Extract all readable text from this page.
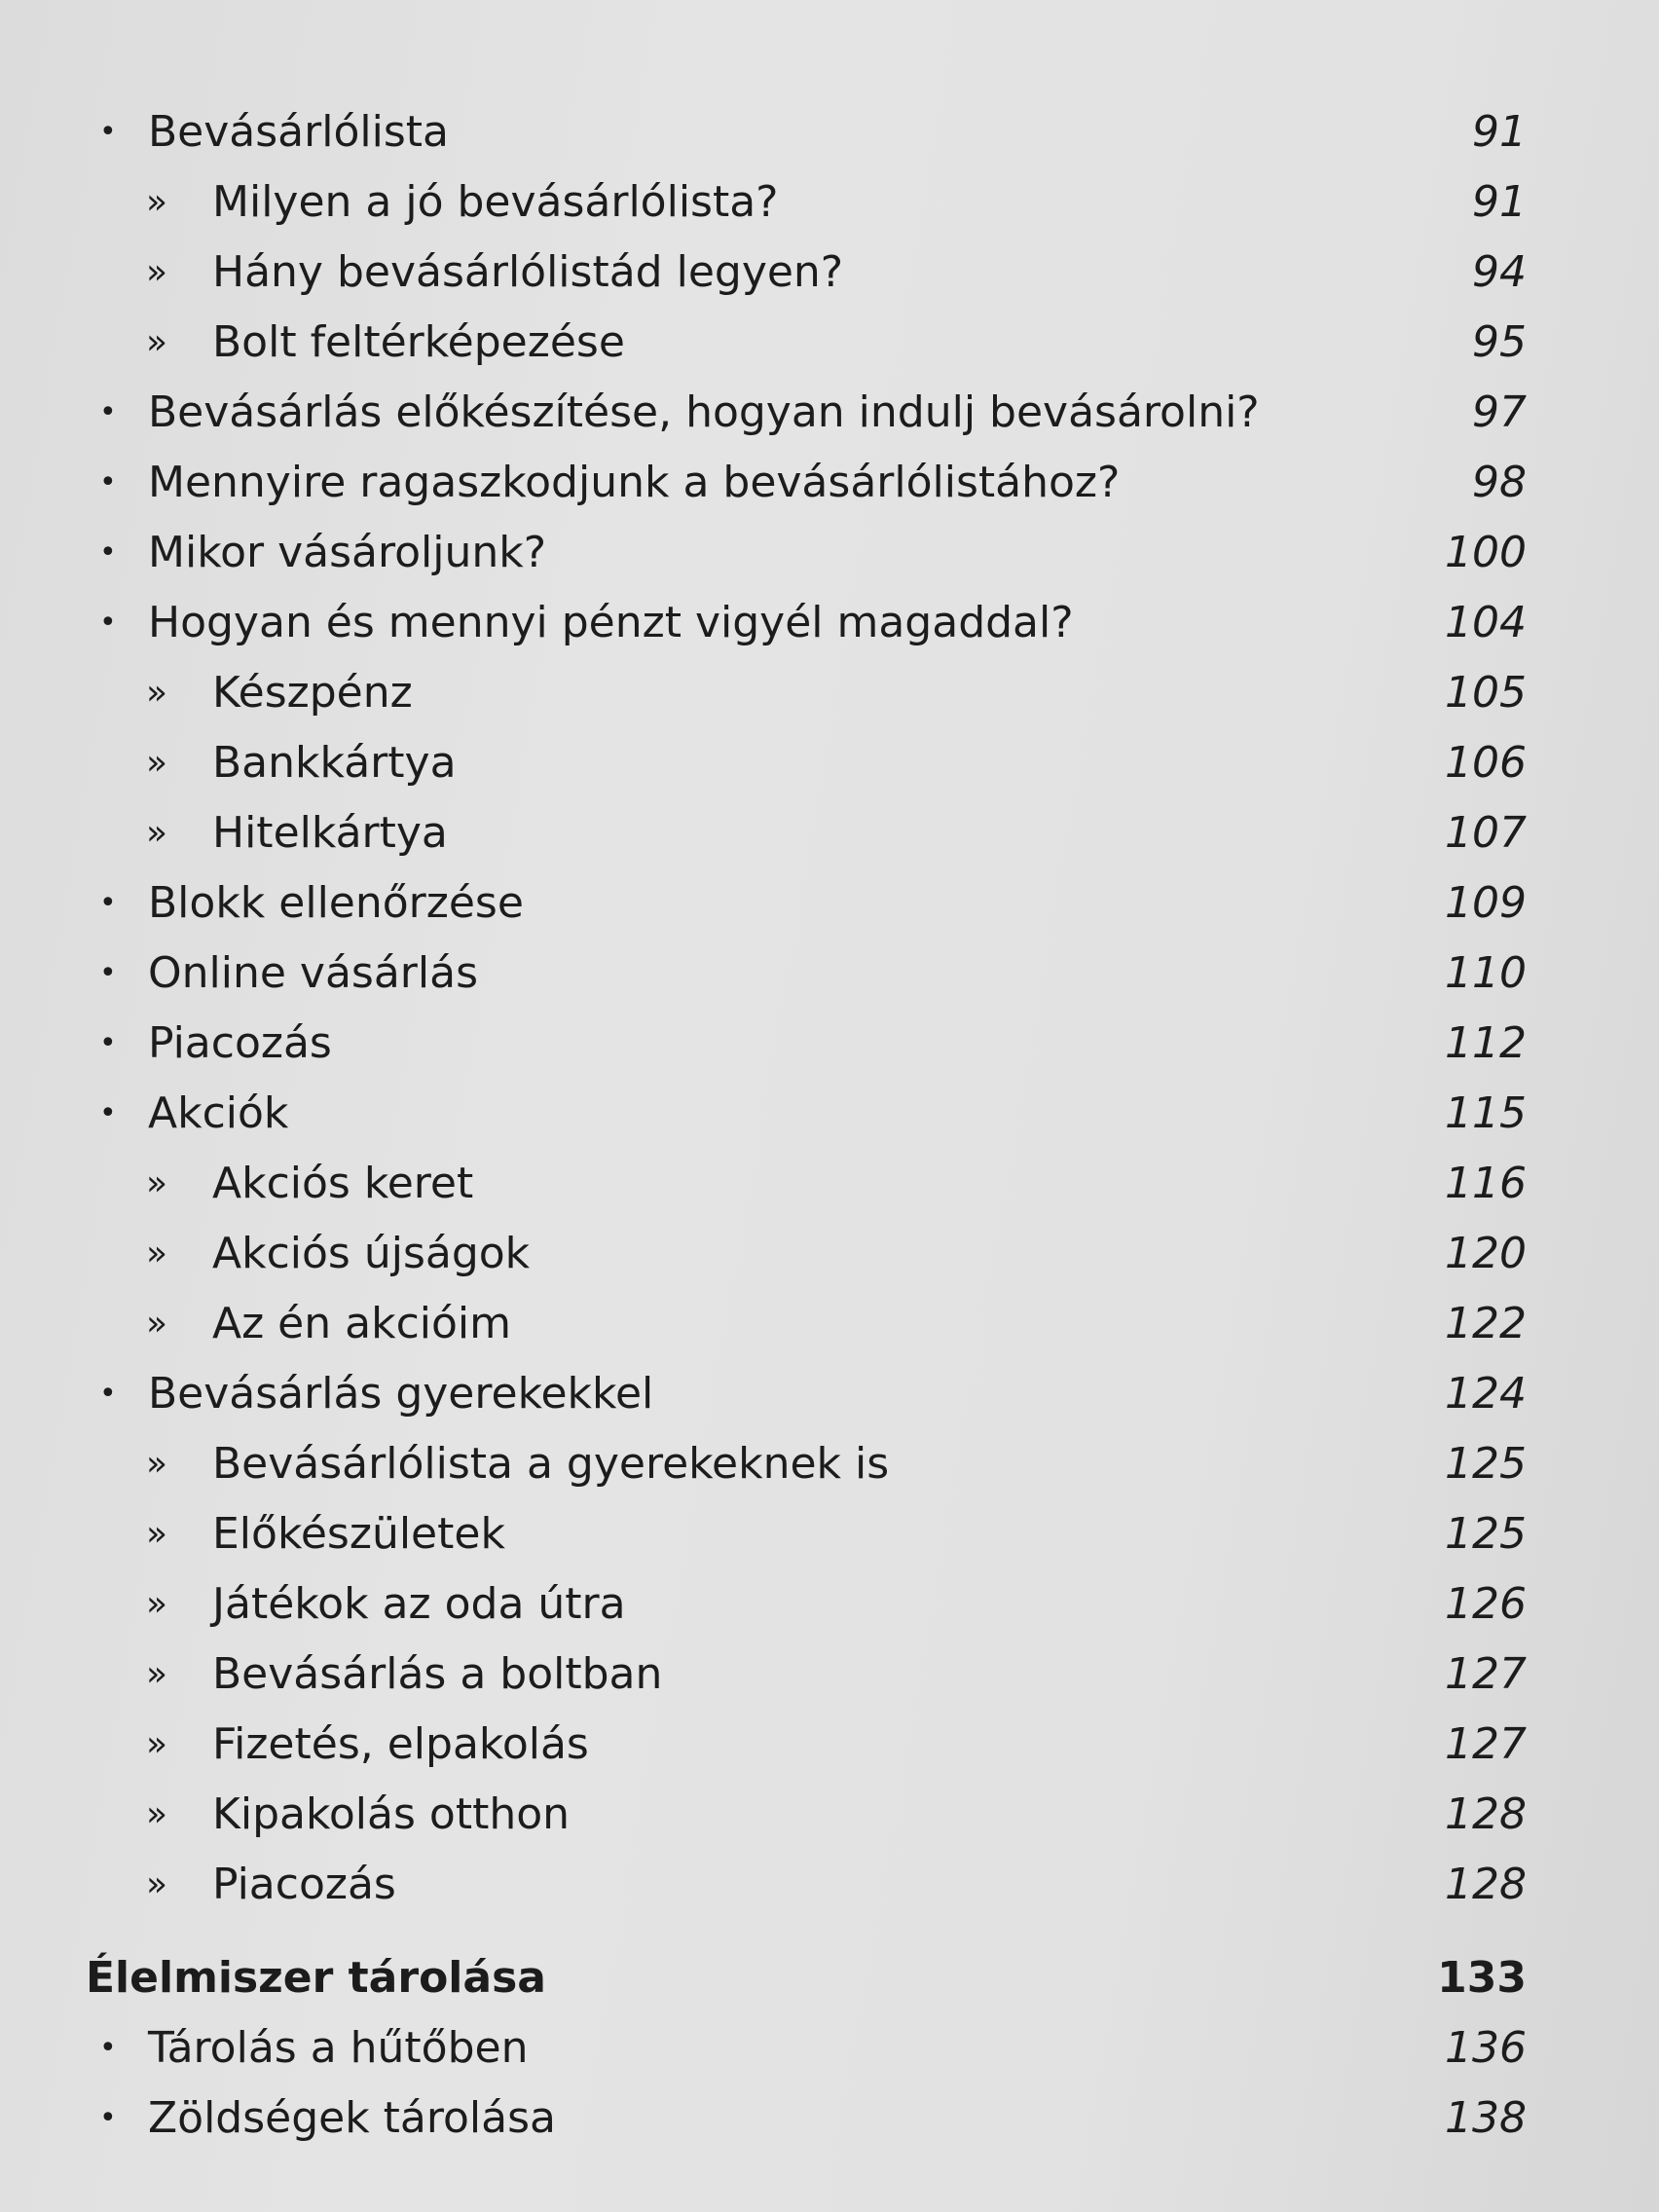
• Bevásárlólista	91
» Milyen a jó bevásárlólista?	91
» Hány bevásárlólistád legyen?	94
» Bolt feltérképezése	95
• Bevásárlás előkészítése, hogyan indulj bevásárolni?	97
• Mennyire ragaszkodjunk a bevásárlólistához?	98
• Mikor vásároljunk?	100
• Hogyan és mennyi pénzt vigyél magaddal?	104
» Készpénz	105
» Bankkártya	106
» Hitelkártya	107
• Blokk ellenőrzése	109
• Online vásárlás	110
• Piacozás	112
• Akciók	115
» Akciós keret	116
» Akciós újságok	120
» Az én akcióim	122
• Bevásárlás gyerekekkel	124
» Bevásárlólista a gyerekeknek is	125
» Előkészületek	125
» Játékok az oda útra	126
» Bevásárlás a boltban	127
» Fizetés, elpakolás	127
» Kipakolás otthon	128
» Piacozás	128
Élelmiszer tárolása	133
• Tárolás a hűtőben	136
• Zöldségek tárolása	138
